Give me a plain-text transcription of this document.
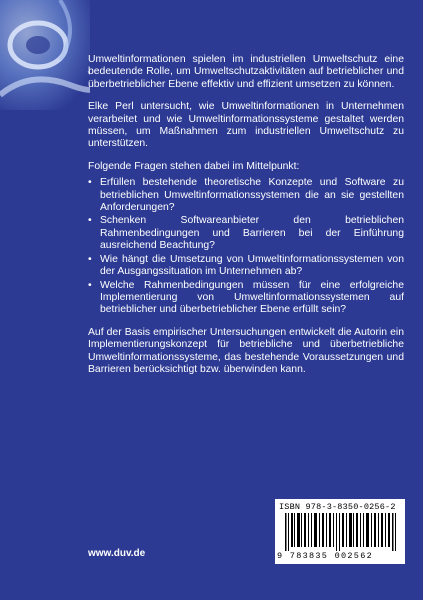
Umweltinformationen spielen im industriellen Umweltschutz eine bedeutende Rolle, um Umweltschutzaktivitäten auf betrieblicher und überbetrieblicher Ebene effektiv und effizient umsetzen zu können.

Elke Perl untersucht, wie Umweltinformationen in Unternehmen verarbeitet und wie Umweltinformationssysteme gestaltet werden müssen, um Maßnahmen zum industriellen Umweltschutz zu unterstützen.

Folgende Fragen stehen dabei im Mittelpunkt:

• Erfüllen bestehende theoretische Konzepte und Software zu betrieblichen Umweltinformationssystemen die an sie gestellten Anforderungen?
• Schenken Softwareanbieter den betrieblichen Rahmenbedingungen und Barrieren bei der Einführung ausreichend Beachtung?
• Wie hängt die Umsetzung von Umweltinformationssystemen von der Ausgangssituation im Unternehmen ab?
• Welche Rahmenbedingungen müssen für eine erfolgreiche Implementierung von Umweltinformationssystemen auf betrieblicher und überbetrieblicher Ebene erfüllt sein?

Auf der Basis empirischer Untersuchungen entwickelt die Autorin ein Implementierungskonzept für betriebliche und überbetriebliche Umweltinformationssysteme, das bestehende Voraussetzungen und Barrieren berücksichtigt bzw. überwinden kann.

ISBN 978-3-8350-0256-2
9 783835 002562
www.duv.de
